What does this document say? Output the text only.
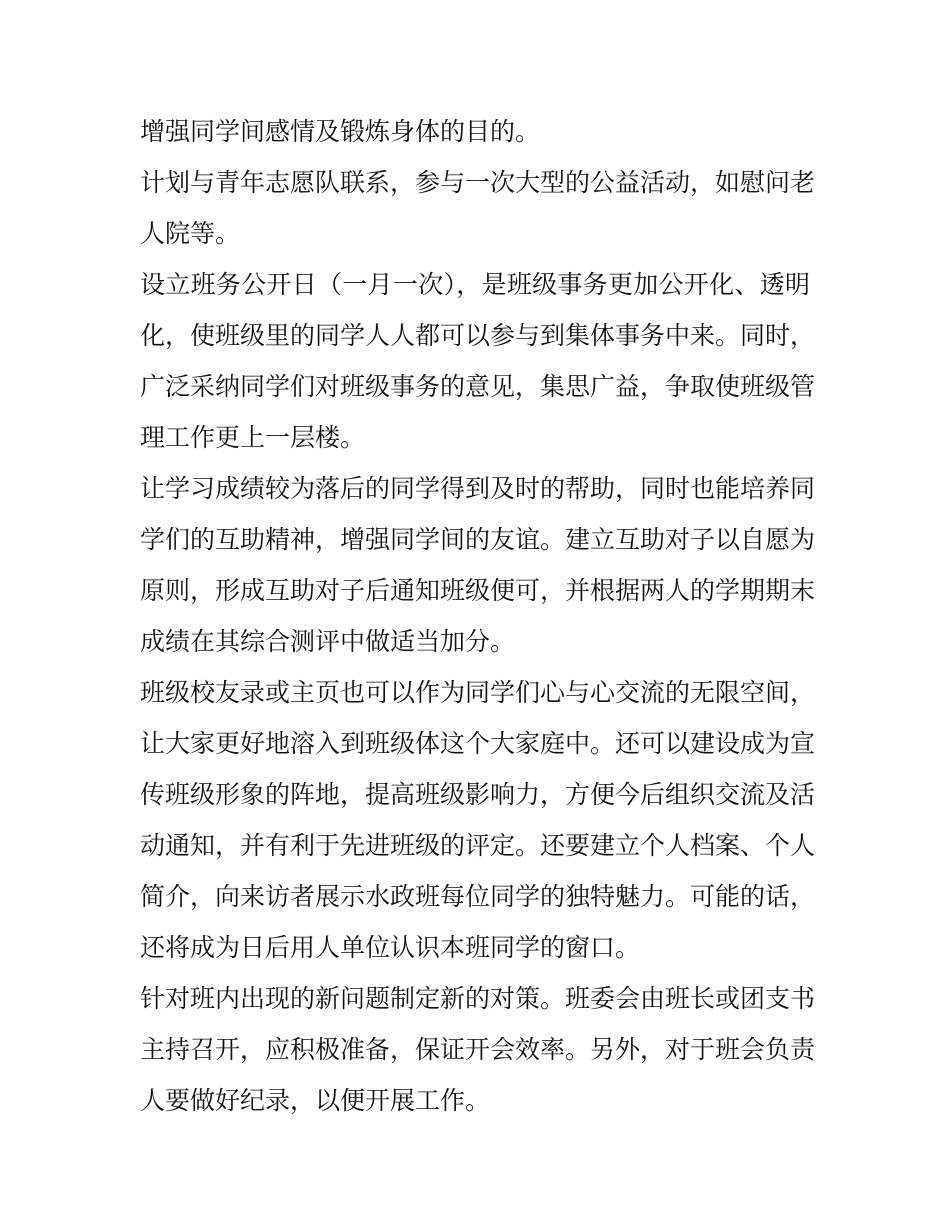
增强同学间感情及锻炼身体的目的。
计划与青年志愿队联系，参与一次大型的公益活动，如慰问老
人院等。
设立班务公开日（一月一次），是班级事务更加公开化、透明
化，使班级里的同学人人都可以参与到集体事务中来。同时，
广泛采纳同学们对班级事务的意见，集思广益，争取使班级管
理工作更上一层楼。
让学习成绩较为落后的同学得到及时的帮助，同时也能培养同
学们的互助精神，增强同学间的友谊。建立互助对子以自愿为
原则，形成互助对子后通知班级便可，并根据两人的学期期末
成绩在其综合测评中做适当加分。
班级校友录或主页也可以作为同学们心与心交流的无限空间，
让大家更好地溶入到班级体这个大家庭中。还可以建设成为宣
传班级形象的阵地，提高班级影响力，方便今后组织交流及活
动通知，并有利于先进班级的评定。还要建立个人档案、个人
简介，向来访者展示水政班每位同学的独特魅力。可能的话，
还将成为日后用人单位认识本班同学的窗口。
针对班内出现的新问题制定新的对策。班委会由班长或团支书
主持召开，应积极准备，保证开会效率。另外，对于班会负责
人要做好纪录，以便开展工作。
